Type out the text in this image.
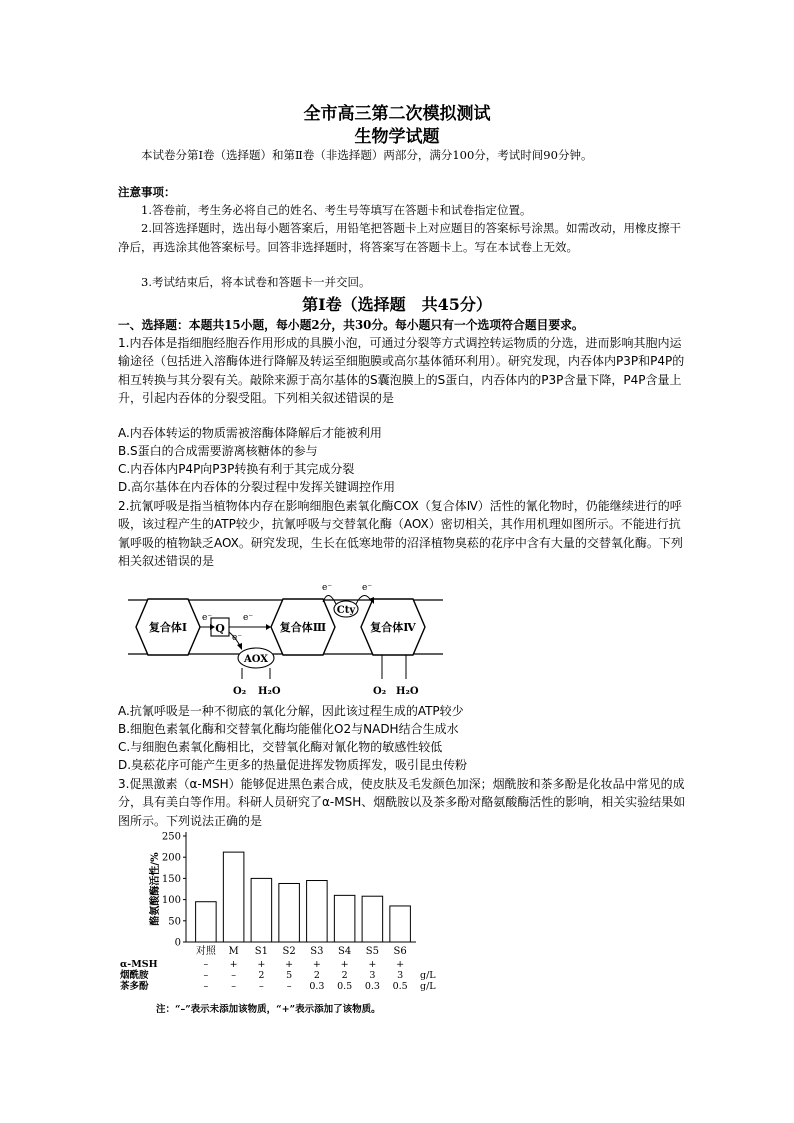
全市高三第二次模拟测试
生物学试题
本试卷分第Ⅰ卷（选择题）和第Ⅱ卷（非选择题）两部分，满分100分，考试时间90分钟。
注意事项：
1.答卷前，考生务必将自己的姓名、考生号等填写在答题卡和试卷指定位置。
2.回答选择题时，选出每小题答案后，用铅笔把答题卡上对应题目的答案标号涂黑。如需改动，用橡皮擦干净后，再选涂其他答案标号。回答非选择题时，将答案写在答题卡上。写在本试卷上无效。
3.考试结束后，将本试卷和答题卡一并交回。
第Ⅰ卷（选择题　共45分）
一、选择题：本题共15小题，每小题2分，共30分。每小题只有一个选项符合题目要求。
1.内吞体是指细胞经胞吞作用形成的具膜小泡，可通过分裂等方式调控转运物质的分选，进而影响其胞内运输途径（包括进入溶酶体进行降解及转运至细胞膜或高尔基体循环利用）。研究发现，内吞体内P3P和P4P的相互转换与其分裂有关。敲除来源于高尔基体的S囊泡膜上的S蛋白，内吞体内的P3P含量下降，P4P含量上升，引起内吞体的分裂受阻。下列相关叙述错误的是
A.内吞体转运的物质需被溶酶体降解后才能被利用
B.S蛋白的合成需要游离核糖体的参与
C.内吞体内P4P向P3P转换有利于其完成分裂
D.高尔基体在内吞体的分裂过程中发挥关键调控作用
2.抗氰呼吸是指当植物体内存在影响细胞色素氧化酶COX（复合体Ⅳ）活性的氰化物时，仍能继续进行的呼吸，该过程产生的ATP较少，抗氰呼吸与交替氧化酶（AOX）密切相关，其作用机理如图所示。不能进行抗氰呼吸的植物缺乏AOX。研究发现，生长在低寒地带的沼泽植物臭菘的花序中含有大量的交替氧化酶。下列相关叙述错误的是
复合体Ⅰ	Q	复合体Ⅲ	复合体Ⅳ
Cty
AOX
e⁻	e⁻
e⁻
e⁻	e⁻
O₂ H₂O	O₂ H₂O
A.抗氰呼吸是一种不彻底的氧化分解，因此该过程生成的ATP较少
B.细胞色素氧化酶和交替氧化酶均能催化O2与NADH结合生成水
C.与细胞色素氧化酶相比，交替氧化酶对氰化物的敏感性较低
D.臭菘花序可能产生更多的热量促进挥发物质挥发，吸引昆虫传粉
3.促黑激素（α-MSH）能够促进黑色素合成，使皮肤及毛发颜色加深；烟酰胺和茶多酚是化妆品中常见的成分，具有美白等作用。科研人员研究了α-MSH、烟酰胺以及茶多酚对酪氨酸酶活性的影响，相关实验结果如图所示。下列说法正确的是
0
50
100
150
200
250
酪氨酸酶活性/%
对照 M S1 S2 S3 S4 S5 S6
α-MSH	– + + + + + + +
烟酰胺	– – 2 5 2 2 3 3 g/L
茶多酚	– – – – 0.3 0.5 0.3 0.5 g/L
注：“–”表示未添加该物质，“+”表示添加了该物质。
